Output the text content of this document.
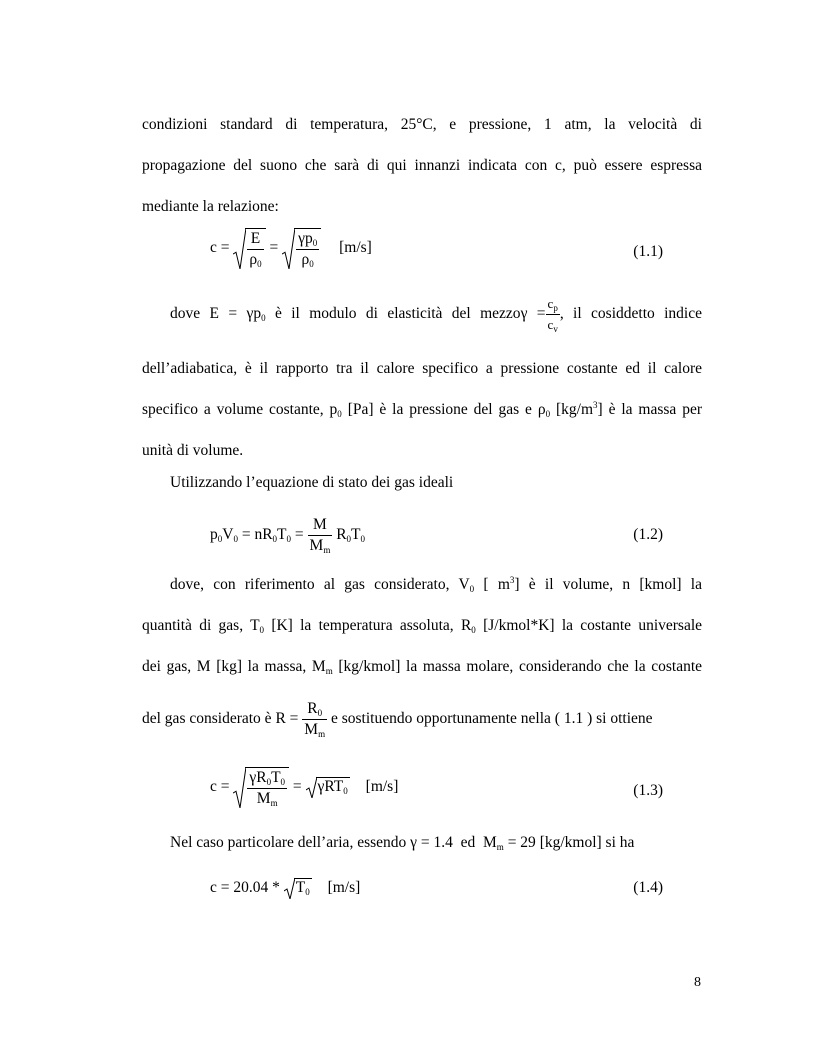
condizioni standard di temperatura, 25°C, e pressione, 1 atm, la velocità di
propagazione del suono che sarà di qui innanzi indicata con c, può essere espressa
mediante la relazione:

$c = \frac{E}{\rho_0} = \frac{\gamma p_0}{\rho_0} [m/s]$	(1.1)
dove $E = \gamma p_0$ è il modulo di elasticità del mezzoγ = $\frac{c_p}{c_v}$ , il cosiddetto indice
dell’adiabatica, è il rapporto tra il calore specifico a pressione costante ed il calore
specifico a volume costante, $p_0$ [Pa] è la pressione del gas e $\rho_0$ $[kg/m^3]$ è la massa per
unità di volume.

Utilizzando l’equazione di stato dei gas ideali

$p_0V_0 = nR_0T_0 = \frac{M}{M_m} R_0T_0$	(1.2)
dove, con riferimento al gas considerato, $V_0$ [ $m^3$] è il volume, n [kmol] la
quantità di gas, $T_0$ [K] la temperatura assoluta, $R_0$ [J/kmol*K] la costante universale
dei gas, M [kg] la massa, $M_m$ [kg/kmol] la massa molare, considerando che la costante
del gas considerato è $R = \frac{R_0}{M_m}$ e sostituendo opportunamente nella ( 1.1 ) si ottiene
$c = \frac{\gamma R_0T_0}{M_m} = \gamma RT_0$ [m/s]	(1.3)
Nel caso particolare dell’aria, essendo γ = 1.4 ed $M_m = 29$ [kg/kmol] si ha
$c = 20.04 * T_0$ [m/s]	(1.4)
8
